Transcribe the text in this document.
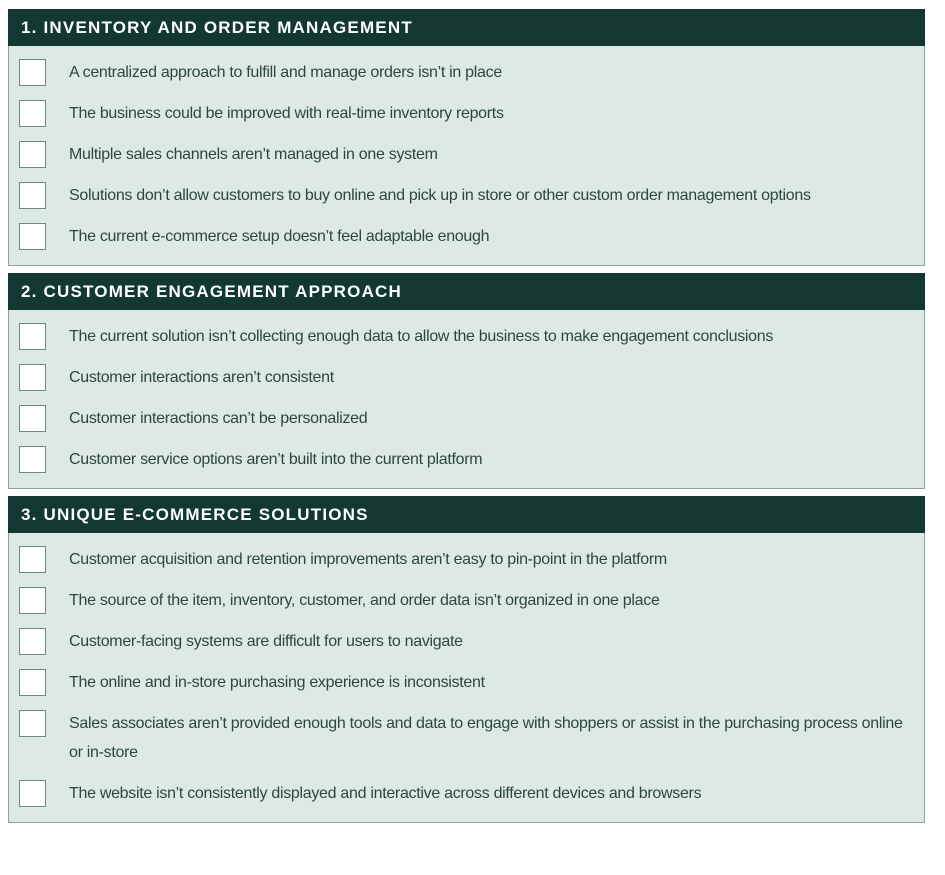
1. INVENTORY AND ORDER MANAGEMENT
A centralized approach to fulfill and manage orders isn’t in place
The business could be improved with real-time inventory reports
Multiple sales channels aren’t managed in one system
Solutions don’t allow customers to buy online and pick up in store or other custom order management options
The current e-commerce setup doesn’t feel adaptable enough
2. CUSTOMER ENGAGEMENT APPROACH
The current solution isn’t collecting enough data to allow the business to make engagement conclusions
Customer interactions aren’t consistent
Customer interactions can’t be personalized
Customer service options aren’t built into the current platform
3. UNIQUE E-COMMERCE SOLUTIONS
Customer acquisition and retention improvements aren’t easy to pin-point in the platform
The source of the item, inventory, customer, and order data isn’t organized in one place
Customer-facing systems are difficult for users to navigate
The online and in-store purchasing experience is inconsistent
Sales associates aren’t provided enough tools and data to engage with shoppers or assist in the purchasing process online or in-store
The website isn’t consistently displayed and interactive across different devices and browsers
